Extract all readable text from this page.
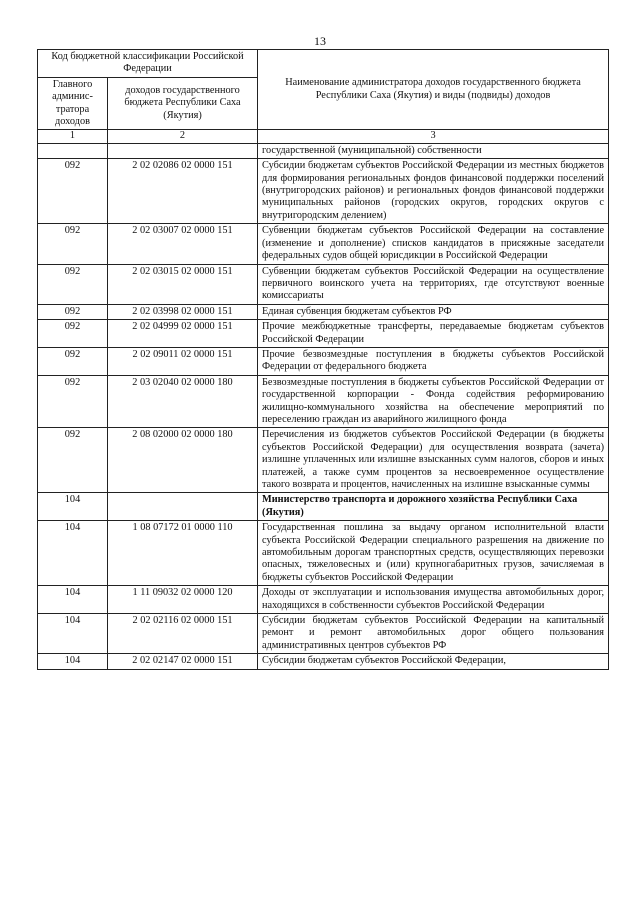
13
Код бюджетной классификации Российской Федерации		Наименование администратора доходов государственного бюджета Республики Саха (Якутия) и виды (подвиды) доходов
Главного админис-тратора доходов	доходов государственного бюджета Республики Саха (Якутия)	
1	2	3
		государственной (муниципальной) собственности
092	2 02 02086 02 0000 151	Субсидии бюджетам субъектов Российской Федерации из местных бюджетов для формирования региональных фондов финансовой поддержки поселений (внутригородских районов) и региональных фондов финансовой поддержки муниципальных районов (городских округов, городских округов с внутригородским делением)
092	2 02 03007 02 0000 151	Субвенции бюджетам субъектов Российской Федерации на составление (изменение и дополнение) списков кандидатов в присяжные заседатели федеральных судов общей юрисдикции в Российской Федерации
092	2 02 03015 02 0000 151	Субвенции бюджетам субъектов Российской Федерации на осуществление первичного воинского учета на территориях, где отсутствуют военные комиссариаты
092	2 02 03998 02 0000 151	Единая субвенция бюджетам субъектов РФ
092	2 02 04999 02 0000 151	Прочие межбюджетные трансферты, передаваемые бюджетам субъектов Российской Федерации
092	2 02 09011 02 0000 151	Прочие безвозмездные поступления в бюджеты субъектов Российской Федерации от федерального бюджета
092	2 03 02040 02 0000 180	Безвозмездные поступления в бюджеты субъектов Российской Федерации от государственной корпорации - Фонда содействия реформированию жилищно-коммунального хозяйства на обеспечение мероприятий по переселению граждан из аварийного жилищного фонда
092	2 08 02000 02 0000 180	Перечисления из бюджетов субъектов Российской Федерации (в бюджеты субъектов Российской Федерации) для осуществления возврата (зачета) излишне уплаченных или излишне взысканных сумм налогов, сборов и иных платежей, а также сумм процентов за несвоевременное осуществление такого возврата и процентов, начисленных на излишне взысканные суммы
104		Министерство транспорта и дорожного хозяйства Республики Саха (Якутия)
104	1 08 07172 01 0000 110	Государственная пошлина за выдачу органом исполнительной власти субъекта Российской Федерации специального разрешения на движение по автомобильным дорогам транспортных средств, осуществляющих перевозки опасных, тяжеловесных и (или) крупногабаритных грузов, зачисляемая в бюджеты субъектов Российской Федерации
104	1 11 09032 02 0000 120	Доходы от эксплуатации и использования имущества автомобильных дорог, находящихся в собственности субъектов Российской Федерации
104	2 02 02116 02 0000 151	Субсидии бюджетам субъектов Российской Федерации на капитальный ремонт и ремонт автомобильных дорог общего пользования административных центров субъектов РФ
104	2 02 02147 02 0000 151	Субсидии бюджетам субъектов Российской Федерации,
